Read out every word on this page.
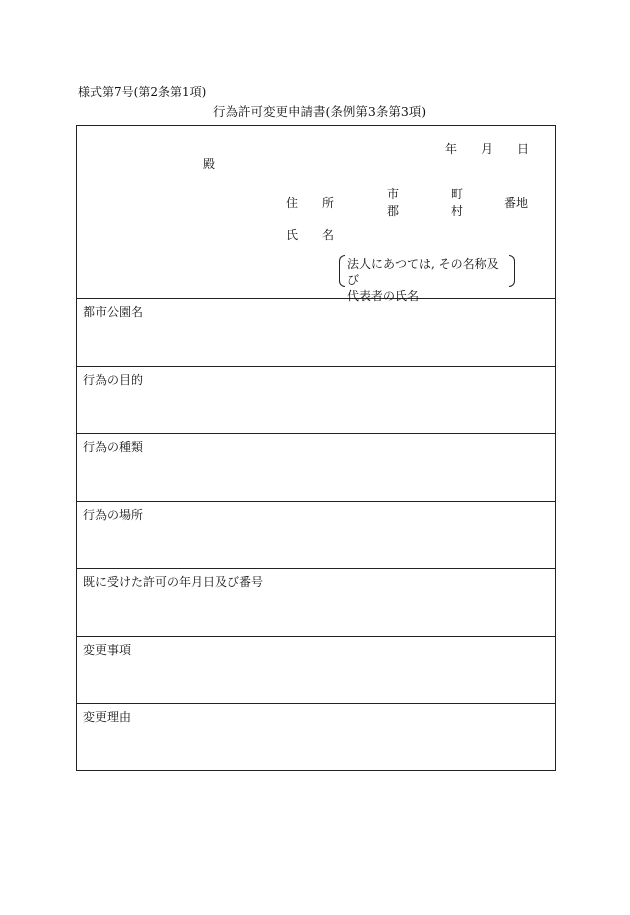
様式第7号(第2条第1項)
行為許可変更申請書(条例第3条第3項)
年 月 日
殿
住 所
市
郡
町
村
番地
氏 名
法人にあつては, その名称及び
代表者の氏名
都市公園名
行為の目的
行為の種類
行為の場所
既に受けた許可の年月日及び番号
変更事項
変更理由
